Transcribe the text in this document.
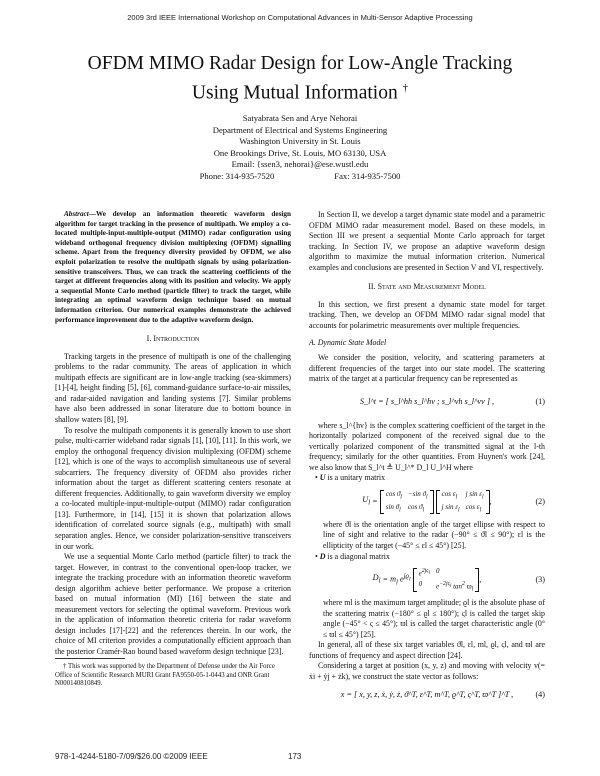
2009 3rd IEEE International Workshop on Computational Advances in Multi-Sensor Adaptive Processing
OFDM MIMO Radar Design for Low-Angle Tracking
Using Mutual Information †
Satyabrata Sen and Arye Nehorai
Department of Electrical and Systems Engineering
Washington University in St. Louis
One Brookings Drive, St. Louis, MO 63130, USA
Email: {ssen3, nehorai}@ese.wustl.edu
Phone: 314-935-7520	Fax: 314-935-7500

Abstract—We develop an information theoretic waveform design algorithm for target tracking in the presence of multipath. We employ a co-located multiple-input-multiple-output (MIMO) radar configuration using wideband orthogonal frequency division multiplexing (OFDM) signalling scheme. Apart from the frequency diversity provided by OFDM, we also exploit polarization to resolve the multipath signals by using polarization-sensitive transceivers. Thus, we can track the scattering coefficients of the target at different frequencies along with its position and velocity. We apply a sequential Monte Carlo method (particle filter) to track the target, while integrating an optimal waveform design technique based on mutual information criterion. Our numerical examples demonstrate the achieved performance improvement due to the adaptive waveform design.

I. Introduction

Tracking targets in the presence of multipath is one of the challenging problems to the radar community. The areas of application in which multipath effects are significant are in low-angle tracking (sea-skimmers) [1]-[4], height finding [5], [6], command-guidance surface-to-air missiles, and radar-aided navigation and landing systems [7]. Similar problems have also been addressed in sonar literature due to bottom bounce in shallow waters [8], [9].

To resolve the multipath components it is generally known to use short pulse, multi-carrier wideband radar signals [1], [10], [11]. In this work, we employ the orthogonal frequency division multiplexing (OFDM) scheme [12], which is one of the ways to accomplish simultaneous use of several subcarriers. The frequency diversity of OFDM also provides richer information about the target as different scattering centers resonate at different frequencies. Additionally, to gain waveform diversity we employ a co-located multiple-input-multiple-output (MIMO) radar configuration [13]. Furthermore, in [14], [15] it is shown that polarization allows identification of correlated source signals (e.g., multipath) with small separation angles. Hence, we consider polarization-sensitive transceivers in our work.

We use a sequential Monte Carlo method (particle filter) to track the target. However, in contrast to the conventional open-loop tracker, we integrate the tracking procedure with an information theoretic waveform design algorithm achieve better performance. We propose a criterion based on mutual information (MI) [16] between the state and measurement vectors for selecting the optimal waveform. Previous work in the application of information theoretic criteria for radar waveform design includes [17]-[22] and the references therein. In our work, the choice of MI criterion provides a computationally efficient approach than the posterior Cramér-Rao bound based waveform design technique [23].

† This work was supported by the Department of Defense under the Air Force Office of Scientific Research MURI Grant FA9550-05-1-0443 and ONR Grant N000140810849.

In Section II, we develop a target dynamic state model and a parametric OFDM MIMO radar measurement model. Based on these models, in Section III we present a sequential Monte Carlo approach for target tracking. In Section IV, we propose an adaptive waveform design algorithm to maximize the mutual information criterion. Numerical examples and conclusions are presented in Section V and VI, respectively.

II. State and Measurement Model

In this section, we first present a dynamic state model for target tracking. Then, we develop an OFDM MIMO radar signal model that accounts for polarimetric measurements over multiple frequencies.

A. Dynamic State Model

We consider the position, velocity, and scattering parameters at different frequencies of the target into our state model. The scattering matrix of the target at a particular frequency can be represented as

S_l^t = [ s_l^hh s_l^hv ; s_l^vh s_l^vv ] ,	(1)

where s_l^{hv} is the complex scattering coefficient of the target in the horizontally polarized component of the received signal due to the vertically polarized component of the transmitted signal at the l-th frequency; similarly for the other quantities. From Huynen's work [24], we also know that S_l^t ≜ U_l^* D_l U_l^H where

• U is a unitary matrix
$U_l$ =
$\cos ϑ_l -\sin$ $ϑ_l$
$\sin ϑ_l$ $\cos ϑ_l$

$\cos \varepsilon_l$	j $\sin \varepsilon_l$
j $\sin \varepsilon_l$ $\cos \varepsilon_l$
,	(2)

where ϑl is the orientation angle of the target ellipse with respect to line of sight and relative to the radar (−90° ≤ ϑl ≤ 90°); εl is the ellipticity of the target (−45° ≤ εl ≤ 45°) [25].

• D is a diagonal matrix
$D_l = m_l$ $e^{jϱ_l}$

$e^{2j\varsigma_l}$ 0
0	$e^{-2j\varsigma_l}$ $\tan^2 ϖ_l$
,	(3)

where ml is the maximum target amplitude; ϱl is the absolute phase of the scattering matrix (−180° ≤ ϱl ≤ 180°); ςl is called the target skip angle (−45° < ς ≤ 45°); ϖl is called the target characteristic angle (0° ≤ ϖl ≤ 45°) [25].

In general, all of these six target variables ϑl, εl, ml, ϱl, ςl, and ϖl are functions of frequency and aspect direction [24].

Considering a target at position (x, y, z) and moving with velocity v(= ẋi + ẏj + żk), we construct the state vector as follows:

x = [ x, y, z, ẋ, ẏ, ż, ϑ^T, ε^T, m^T, ϱ^T, ς^T, ϖ^T ]^T ,	(4)
978-1-4244-5180-7/09/$26.00 ©2009 IEEE	173
